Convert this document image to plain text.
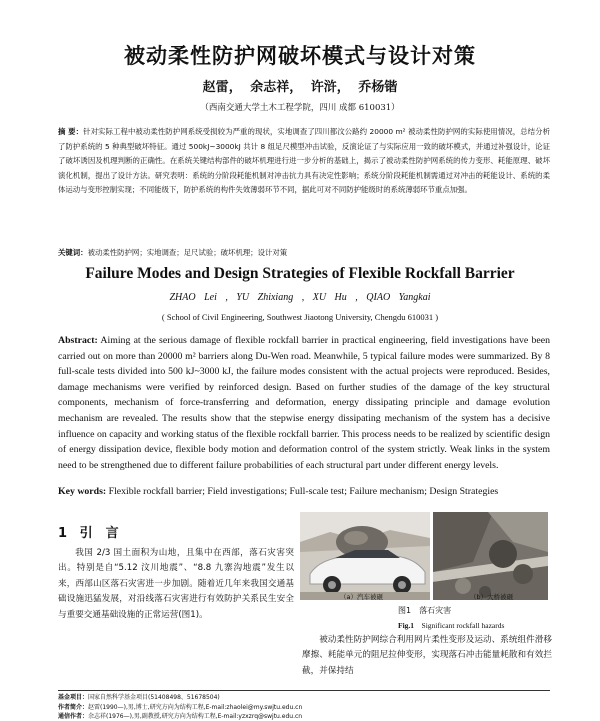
被动柔性防护网破坏模式与设计对策
赵雷， 余志祥， 许浒， 乔杨锴
（西南交通大学土木工程学院，四川 成都 610031）
摘 要：针对实际工程中被动柔性防护网系统受损较为严重的现状，实地调查了四川都汶公路约 20000 m² 被动柔性防护网的实际使用情况，总结分析了防护系统的 5 种典型破坏特征。通过 500kJ~3000kJ 共计 8 组足尺模型冲击试验，反演论证了与实际应用一致的破坏模式，并通过补强设计，论证了破坏诱因及机理判断的正确性。在系统关键结构部件的破坏机理进行进一步分析的基础上，揭示了被动柔性防护网系统的传力变形、耗能原理、破坏演化机制，提出了设计方法。研究表明：系统的分阶段耗能机制对冲击抗力具有决定性影响；系统分阶段耗能机制需通过对冲击的耗能设计、系统的柔体运动与变形控制实现；不同能级下，防护系统的构件失效薄弱环节不同，据此可对不同防护能级时的系统薄弱环节重点加强。
关键词：被动柔性防护网；实地调查；足尺试验；破坏机理；设计对策
Failure Modes and Design Strategies of Flexible Rockfall Barrier
ZHAO Lei , YU Zhixiang , XU Hu , QIAO Yangkai
( School of Civil Engineering, Southwest Jiaotong University, Chengdu 610031 )
Abstract: Aiming at the serious damage of flexible rockfall barrier in practical engineering, field investigations have been carried out on more than 20000 m² barriers along Du-Wen road. Meanwhile, 5 typical failure modes were summarized. By 8 full-scale tests divided into 500 kJ~3000 kJ, the failure modes consistent with the actual projects were reproduced. Besides, damage mechanisms were verified by reinforced design. Based on further studies of the damage of the key structural components, mechanism of force-transferring and deformation, energy dissipating principle and damage evolution mechanism are revealed. The results show that the stepwise energy dissipating mechanism of the system has a decisive influence on capacity and working status of the flexible rockfall barrier. This process needs to be realized by scientific design of energy dissipation device, flexible body motion and deformation control of the system strictly. Weak links in the system need to be strengthened due to different failure probabilities of each structural part under different energy levels.
Key words: Flexible rockfall barrier; Field investigations; Full-scale test; Failure mechanism; Design Strategies
1 引　言
我国 2/3 国土面积为山地，且集中在西部，落石灾害突出。特别是自“5.12 汶川地震”、“8.8 九寨沟地震”发生以来，西部山区落石灾害进一步加剧。随着近几年来我国交通基础设施迅猛发展，对沿线落石灾害进行有效防护关系民生安全与重要交通基础设施的正常运营(图1)。
（a）汽车被砸	（b）大桥被砸
图1　落石灾害
Fig.1 Significant rockfall hazards
被动柔性防护网综合利用网片柔性变形及运动、系统组件滑移摩擦、耗能单元的阻尼拉伸变形，实现落石冲击能量耗散和有效拦截，并保持结
基金项目：国家自然科学基金项目(51408498、51678504)
作者简介：赵雷(1990—),男,博士,研究方向为结构工程,E-mail:zhaolei@my.swjtu.edu.cn
通信作者：余志祥(1976—),男,副教授,研究方向为结构工程,E-mail:yzxzrq@swjtu.edu.cn
